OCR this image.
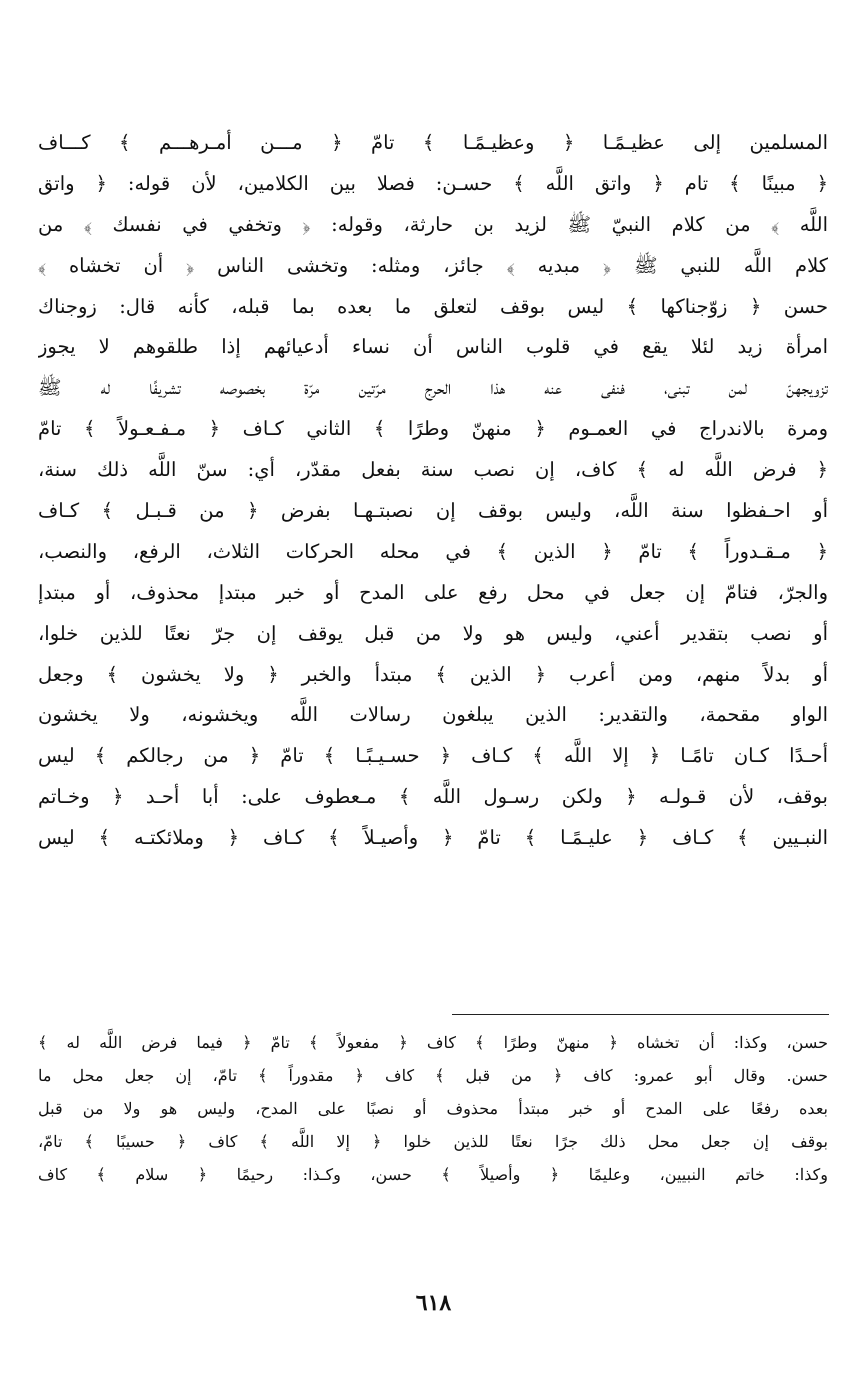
المسلمين إلى عظيـمًـا ﴿ وعظيـمًـا ﴾ تامّ ﴿ مـــن أمـرهـــم ﴾ كـــاف
﴿ مبينًا ﴾ تام ﴿ واتق اللَّه ﴾ حسـن: فصلا بين الكلامين، لأن قوله: ﴿ واتق
اللَّه ﴾ من كلام النبيّ ﷺ لزيد بن حارثة، وقوله: ﴿ وتخفي في نفسك ﴾ من
كلام اللَّه للنبي ﷺ ﴿ مبديه ﴾ جائز، ومثله: وتخشى الناس ﴿ أن تخشاه ﴾
حسن ﴿ زوّجناكها ﴾ ليس بوقف لتعلق ما بعده بما قبله، كأنه قال: زوجناك
امرأة زيد لئلا يقع في قلوب الناس أن نساء أدعيائهم إذا طلقوهم لا يجوز
تزويجهنّ لمن تبنى، فنفى عنه هذا الحرج مرّتين مرّة بخصوصه تشريفًا له ﷺ
ومرة بالاندراج في العمـوم ﴿ منهنّ وطرًا ﴾ الثاني كـاف ﴿ مـفـعـولاً ﴾ تامّ
﴿ فرض اللَّه له ﴾ كاف، إن نصب سنة بفعل مقدّر، أي: سنّ اللَّه ذلك سنة،
أو احـفظوا سنة اللَّه، وليس بوقف إن نصبتـهـا بفرض ﴿ من قـبـل ﴾ كـاف
﴿ مـقـدوراً ﴾ تامّ ﴿ الذين ﴾ في محله الحركات الثلاث، الرفع، والنصب،
والجرّ، فتامّ إن جعل في محل رفع على المدح أو خبر مبتدإ محذوف، أو مبتدإ
أو نصب بتقدير أعني، وليس هو ولا من قبل يوقف إن جرّ نعتًا للذين خلوا،
أو بدلاً منهم، ومن أعرب ﴿ الذين ﴾ مبتدأ والخبر ﴿ ولا يخشون ﴾ وجعل
الواو مقحمة، والتقدير: الذين يبلغون رسالات اللَّه ويخشونه، ولا يخشون
أحـدًا كـان تامًـا ﴿ إلا اللَّه ﴾ كـاف ﴿ حسـيـبًـا ﴾ تامّ ﴿ من رجالكم ﴾ ليس
بوقف، لأن قـولـه ﴿ ولكن رسـول اللَّه ﴾ مـعطوف على: أبا أحـد ﴿ وخـاتم
النبـيين ﴾ كـاف ﴿ عليـمًـا ﴾ تامّ ﴿ وأصيـلاً ﴾ كـاف ﴿ وملائكتـه ﴾ ليس
حسن، وكذا: أن تخشاه ﴿ منهنّ وطرًا ﴾ كاف ﴿ مفعولاً ﴾ تامّ ﴿ فيما فرض اللَّه له ﴾
حسن. وقال أبو عمرو: كاف ﴿ من قبل ﴾ كاف ﴿ مقدوراً ﴾ تامّ، إن جعل محل ما
بعده رفعًا على المدح أو خبر مبتدأ محذوف أو نصبًا على المدح، وليس هو ولا من قبل
بوقف إن جعل محل ذلك جرًا نعتًا للذين خلوا ﴿ إلا اللَّه ﴾ كاف ﴿ حسيبًا ﴾ تامّ،
وكذا: خاتم النبيين، وعليمًا ﴿ وأصيلاً ﴾ حسن، وكـذا: رحيمًا ﴿ سلام ﴾ كاف
٦١٨
